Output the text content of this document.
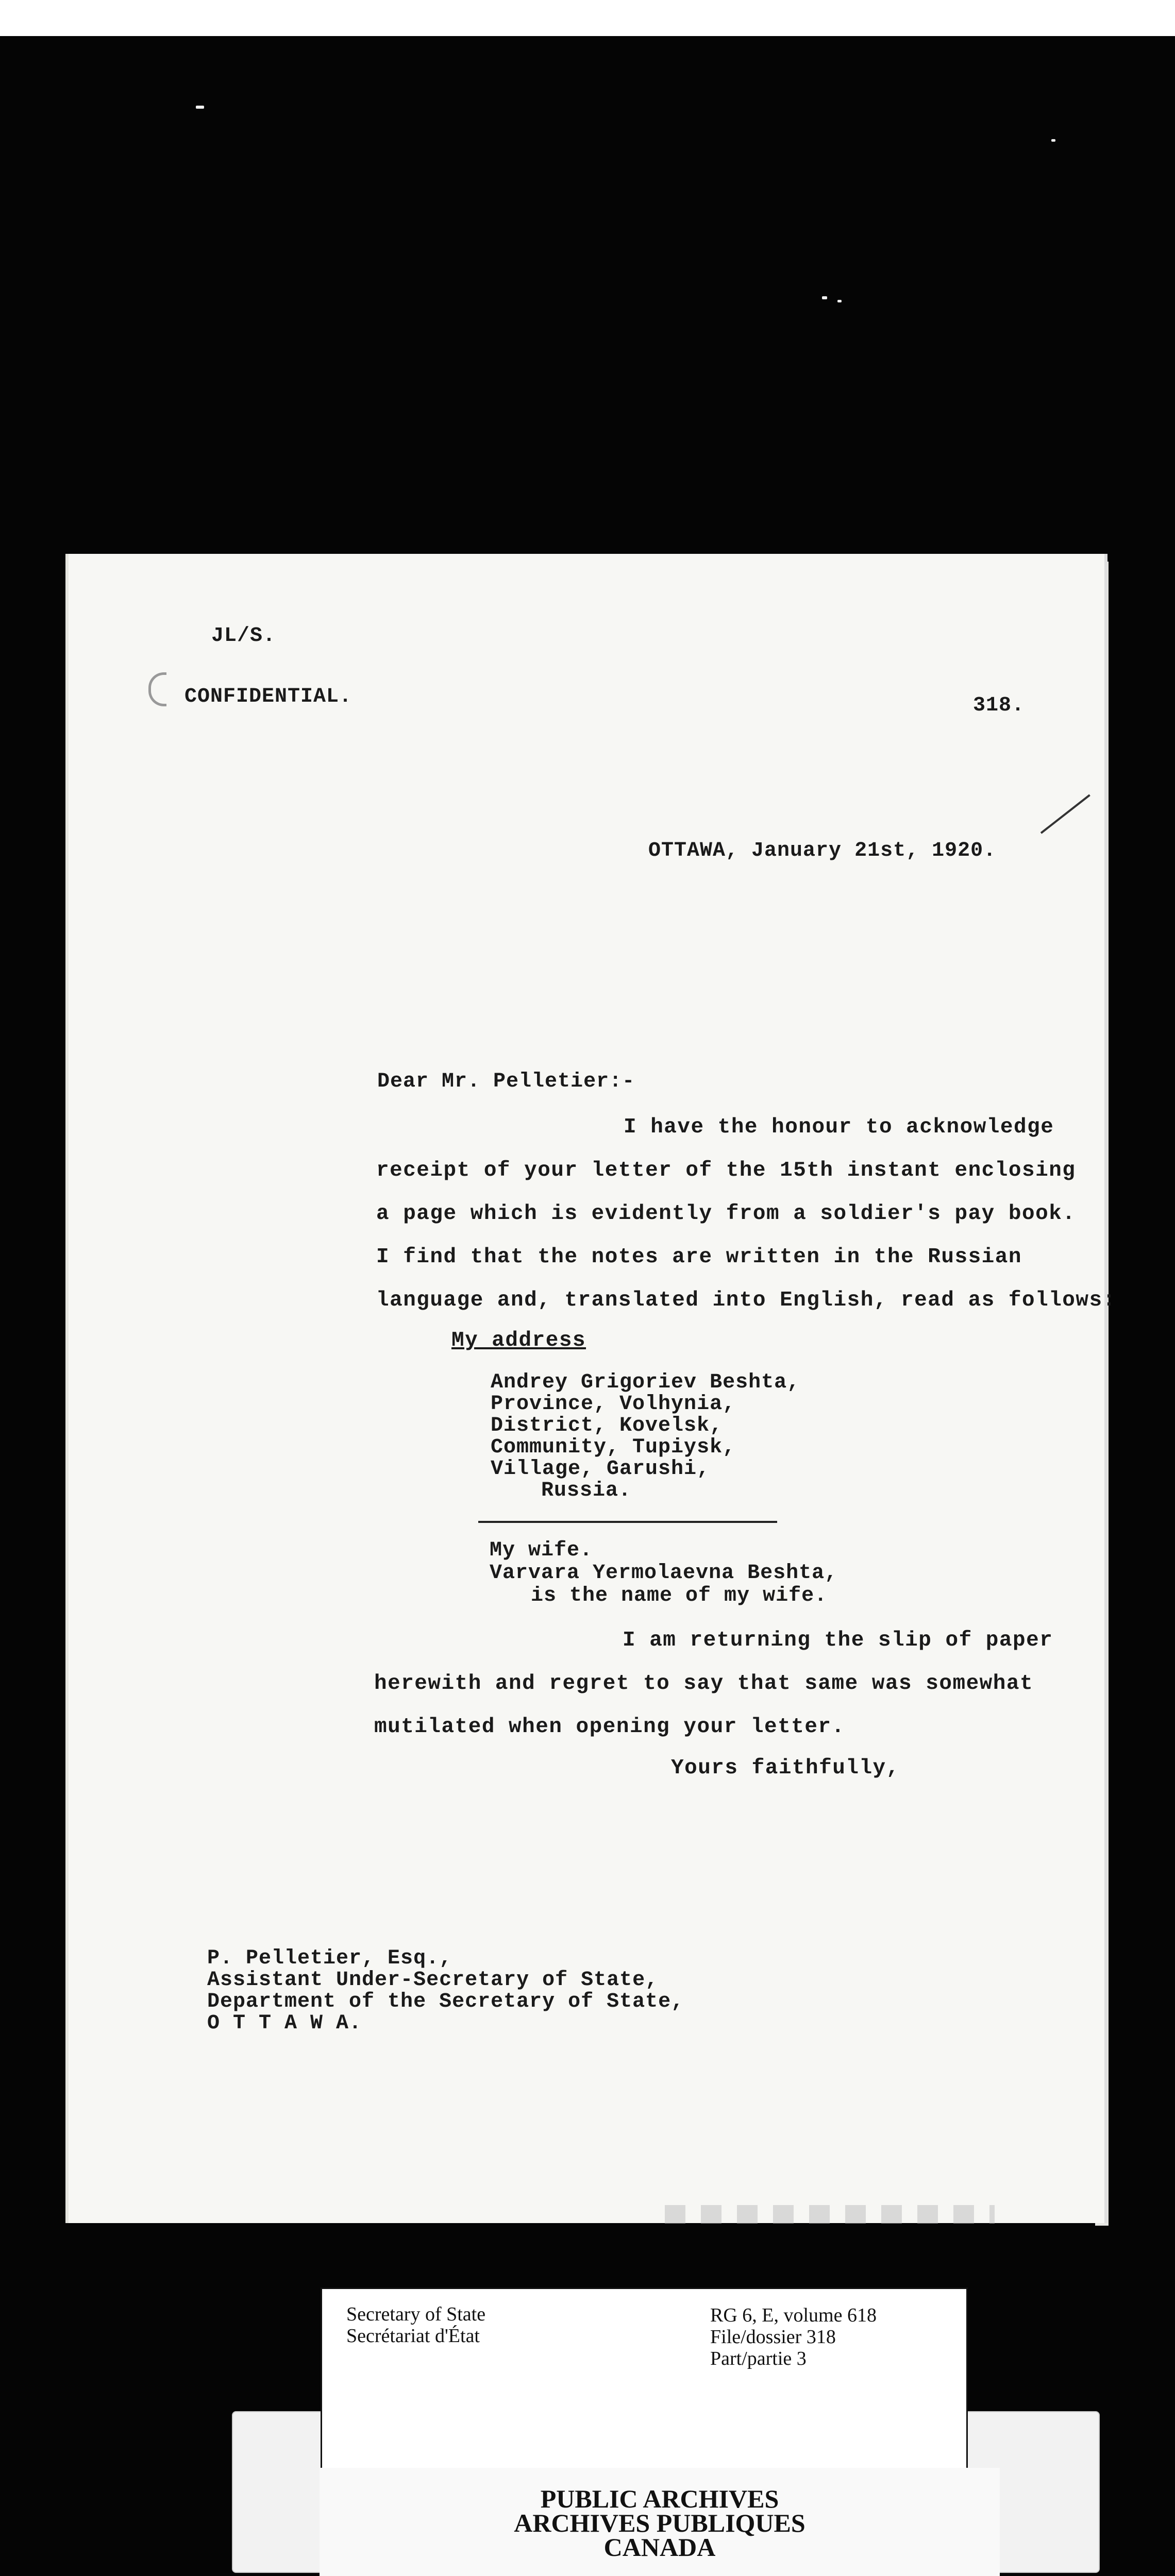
JL/S.
CONFIDENTIAL.	318.
OTTAWA, January 21st, 1920.
Dear Mr. Pelletier:-
I have the honour to acknowledge
receipt of your letter of the 15th instant enclosing
a page which is evidently from a soldier's pay book.
I find that the notes are written in the Russian
language and, translated into English, read as follows:
My address
Andrey Grigoriev Beshta,
Province, Volhynia,
District, Kovelsk,
Community, Tupiysk,
Village, Garushi,
Russia.
My wife.
Varvara Yermolaevna Beshta,
is the name of my wife.
I am returning the slip of paper
herewith and regret to say that same was somewhat
mutilated when opening your letter.
Yours faithfully,
P. Pelletier, Esq.,
Assistant Under-Secretary of State,
Department of the Secretary of State,
O T T A W A.
Secretary of State
Secrétariat d'État
RG 6, E, volume 618
File/dossier 318
Part/partie 3
PUBLIC ARCHIVES
ARCHIVES PUBLIQUES
CANADA
